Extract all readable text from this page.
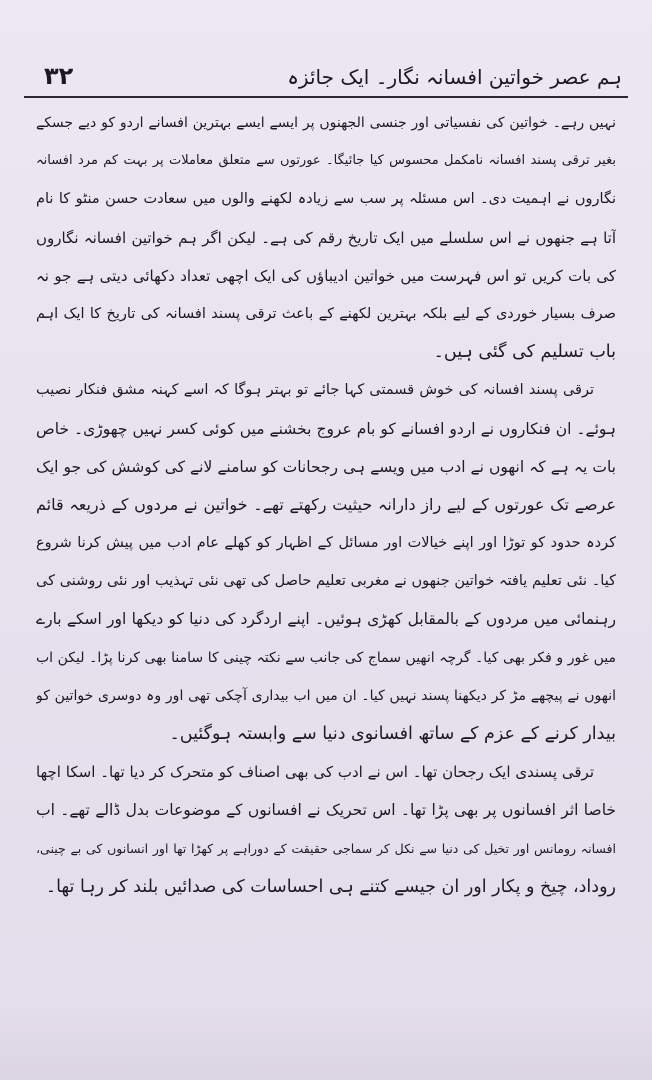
ہم عصر خواتین افسانہ نگار۔ ایک جائزہ
۳۲
نہیں رہے۔ خواتین کی نفسیاتی اور جنسی الجھنوں پر ایسے ایسے بہترین افسانے اردو کو دیے جسکے
بغیر ترقی پسند افسانہ نامکمل محسوس کیا جائیگا۔ عورتوں سے متعلق معاملات پر بہت کم مرد افسانہ
نگاروں نے اہمیت دی۔ اس مسئلہ پر سب سے زیادہ لکھنے والوں میں سعادت حسن منٹو کا نام
آتا ہے جنھوں نے اس سلسلے میں ایک تاریخ رقم کی ہے۔ لیکن اگر ہم خواتین افسانہ نگاروں
کی بات کریں تو اس فہرست میں خواتین ادیباؤں کی ایک اچھی تعداد دکھائی دیتی ہے جو نہ
صرف بسیار خوردی کے لیے بلکہ بہترین لکھنے کے باعث ترقی پسند افسانہ کی تاریخ کا ایک اہم
باب تسلیم کی گئی ہیں۔
ترقی پسند افسانہ کی خوش قسمتی کہا جائے تو بہتر ہوگا کہ اسے کہنہ مشق فنکار نصیب
ہوئے۔ ان فنکاروں نے اردو افسانے کو بام عروج بخشنے میں کوئی کسر نہیں چھوڑی۔ خاص
بات یہ ہے کہ انھوں نے ادب میں ویسے ہی رجحانات کو سامنے لانے کی کوشش کی جو ایک
عرصے تک عورتوں کے لیے راز دارانہ حیثیت رکھتے تھے۔ خواتین نے مردوں کے ذریعہ قائم
کردہ حدود کو توڑا اور اپنے خیالات اور مسائل کے اظہار کو کھلے عام ادب میں پیش کرنا شروع
کیا۔ نئی تعلیم یافتہ خواتین جنھوں نے مغربی تعلیم حاصل کی تھی نئی تہذیب اور نئی روشنی کی
رہنمائی میں مردوں کے بالمقابل کھڑی ہوئیں۔ اپنے اردگرد کی دنیا کو دیکھا اور اسکے بارے
میں غور و فکر بھی کیا۔ گرچہ انھیں سماج کی جانب سے نکتہ چینی کا سامنا بھی کرنا پڑا۔ لیکن اب
انھوں نے پیچھے مڑ کر دیکھنا پسند نہیں کیا۔ ان میں اب بیداری آچکی تھی اور وہ دوسری خواتین کو
بیدار کرنے کے عزم کے ساتھ افسانوی دنیا سے وابستہ ہوگئیں۔
ترقی پسندی ایک رجحان تھا۔ اس نے ادب کی بھی اصناف کو متحرک کر دیا تھا۔ اسکا اچھا
خاصا اثر افسانوں پر بھی پڑا تھا۔ اس تحریک نے افسانوں کے موضوعات بدل ڈالے تھے۔ اب
افسانہ رومانس اور تخیل کی دنیا سے نکل کر سماجی حقیقت کے دوراہے پر کھڑا تھا اور انسانوں کی بے چینی،
روداد، چیخ و پکار اور ان جیسے کتنے ہی احساسات کی صدائیں بلند کر رہا تھا۔
